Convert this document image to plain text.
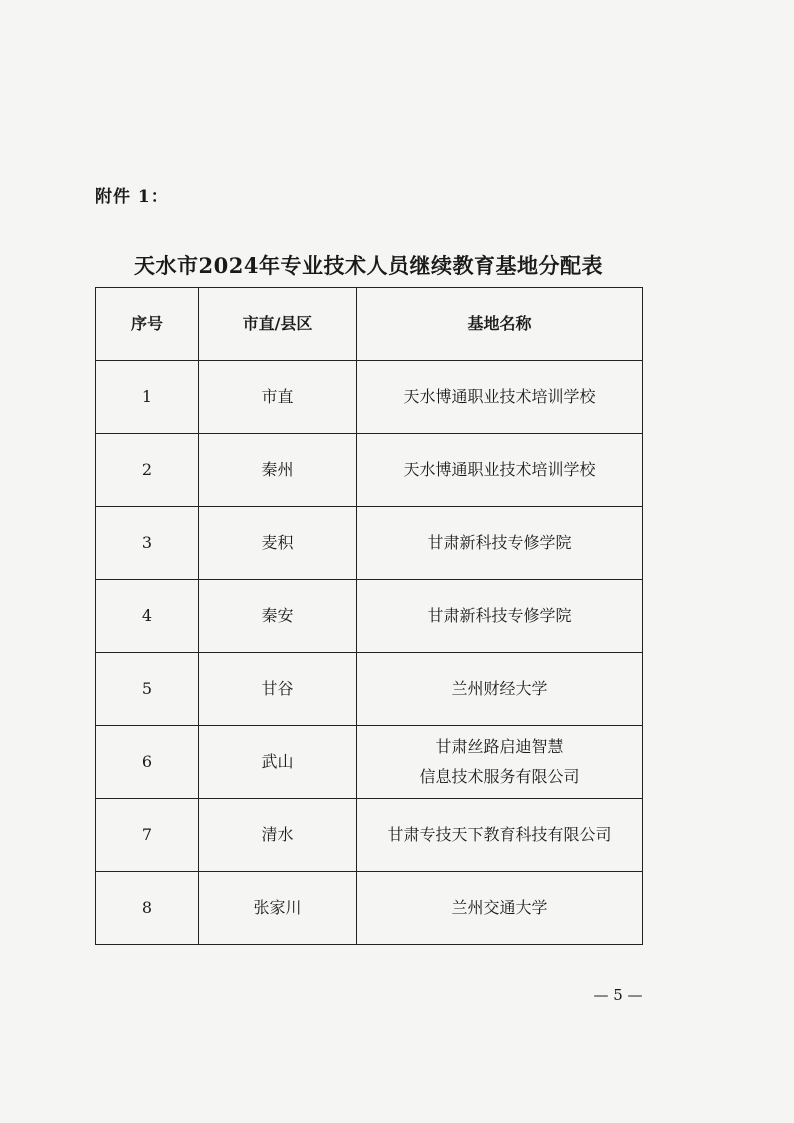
附件 1：
天水市2024年专业技术人员继续教育基地分配表
序号	市直/县区	基地名称
1	市直	天水博通职业技术培训学校

2	秦州	天水博通职业技术培训学校

3	麦积	甘肃新科技专修学院

4	秦安	甘肃新科技专修学院

5	甘谷	兰州财经大学

6	武山	甘肃丝路启迪智慧
信息技术服务有限公司

7	清水	甘肃专技天下教育科技有限公司

8	张家川	兰州交通大学
— 5 —
